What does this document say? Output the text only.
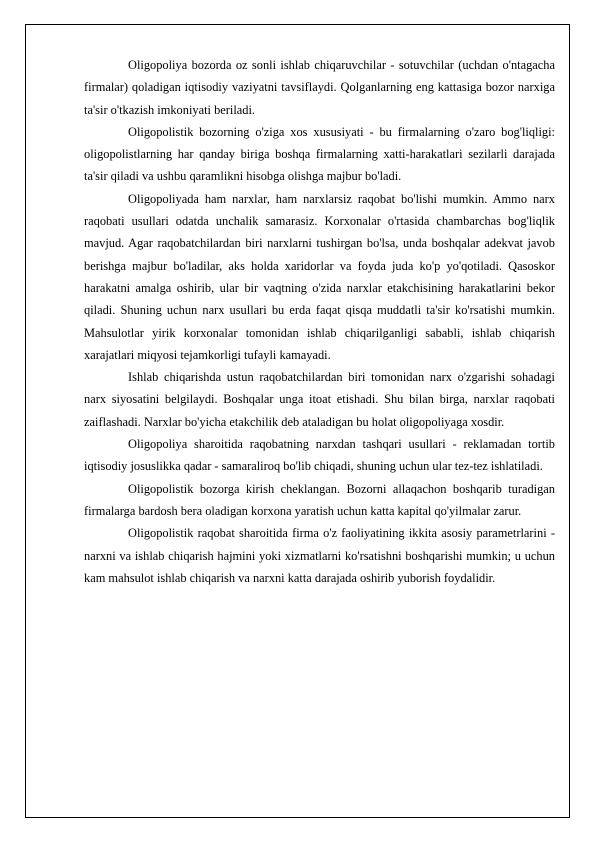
Oligopoliya bozorda oz sonli ishlab chiqaruvchilar - sotuvchilar (uchdan o'ntagacha firmalar) qoladigan iqtisodiy vaziyatni tavsiflaydi. Qolganlarning eng kattasiga bozor narxiga ta'sir o'tkazish imkoniyati beriladi.

Oligopolistik bozorning o'ziga xos xususiyati - bu firmalarning o'zaro bog'liqligi: oligopolistlarning har qanday biriga boshqa firmalarning xatti-harakatlari sezilarli darajada ta'sir qiladi va ushbu qaramlikni hisobga olishga majbur bo'ladi.

Oligopoliyada ham narxlar, ham narxlarsiz raqobat bo'lishi mumkin. Ammo narx raqobati usullari odatda unchalik samarasiz. Korxonalar o'rtasida chambarchas bog'liqlik mavjud. Agar raqobatchilardan biri narxlarni tushirgan bo'lsa, unda boshqalar adekvat javob berishga majbur bo'ladilar, aks holda xaridorlar va foyda juda ko'p yo'qotiladi. Qasoskor harakatni amalga oshirib, ular bir vaqtning o'zida narxlar etakchisining harakatlarini bekor qiladi. Shuning uchun narx usullari bu erda faqat qisqa muddatli ta'sir ko'rsatishi mumkin. Mahsulotlar yirik korxonalar tomonidan ishlab chiqarilganligi sababli, ishlab chiqarish xarajatlari miqyosi tejamkorligi tufayli kamayadi.

Ishlab chiqarishda ustun raqobatchilardan biri tomonidan narx o'zgarishi sohadagi narx siyosatini belgilaydi. Boshqalar unga itoat etishadi. Shu bilan birga, narxlar raqobati zaiflashadi. Narxlar bo'yicha etakchilik deb ataladigan bu holat oligopoliyaga xosdir.

Oligopoliya sharoitida raqobatning narxdan tashqari usullari - reklamadan tortib iqtisodiy josuslikka qadar - samaraliroq bo'lib chiqadi, shuning uchun ular tez-tez ishlatiladi.

Oligopolistik bozorga kirish cheklangan. Bozorni allaqachon boshqarib turadigan firmalarga bardosh bera oladigan korxona yaratish uchun katta kapital qo'yilmalar zarur.

Oligopolistik raqobat sharoitida firma o'z faoliyatining ikkita asosiy parametrlarini - narxni va ishlab chiqarish hajmini yoki xizmatlarni ko'rsatishni boshqarishi mumkin; u uchun kam mahsulot ishlab chiqarish va narxni katta darajada oshirib yuborish foydalidir.
